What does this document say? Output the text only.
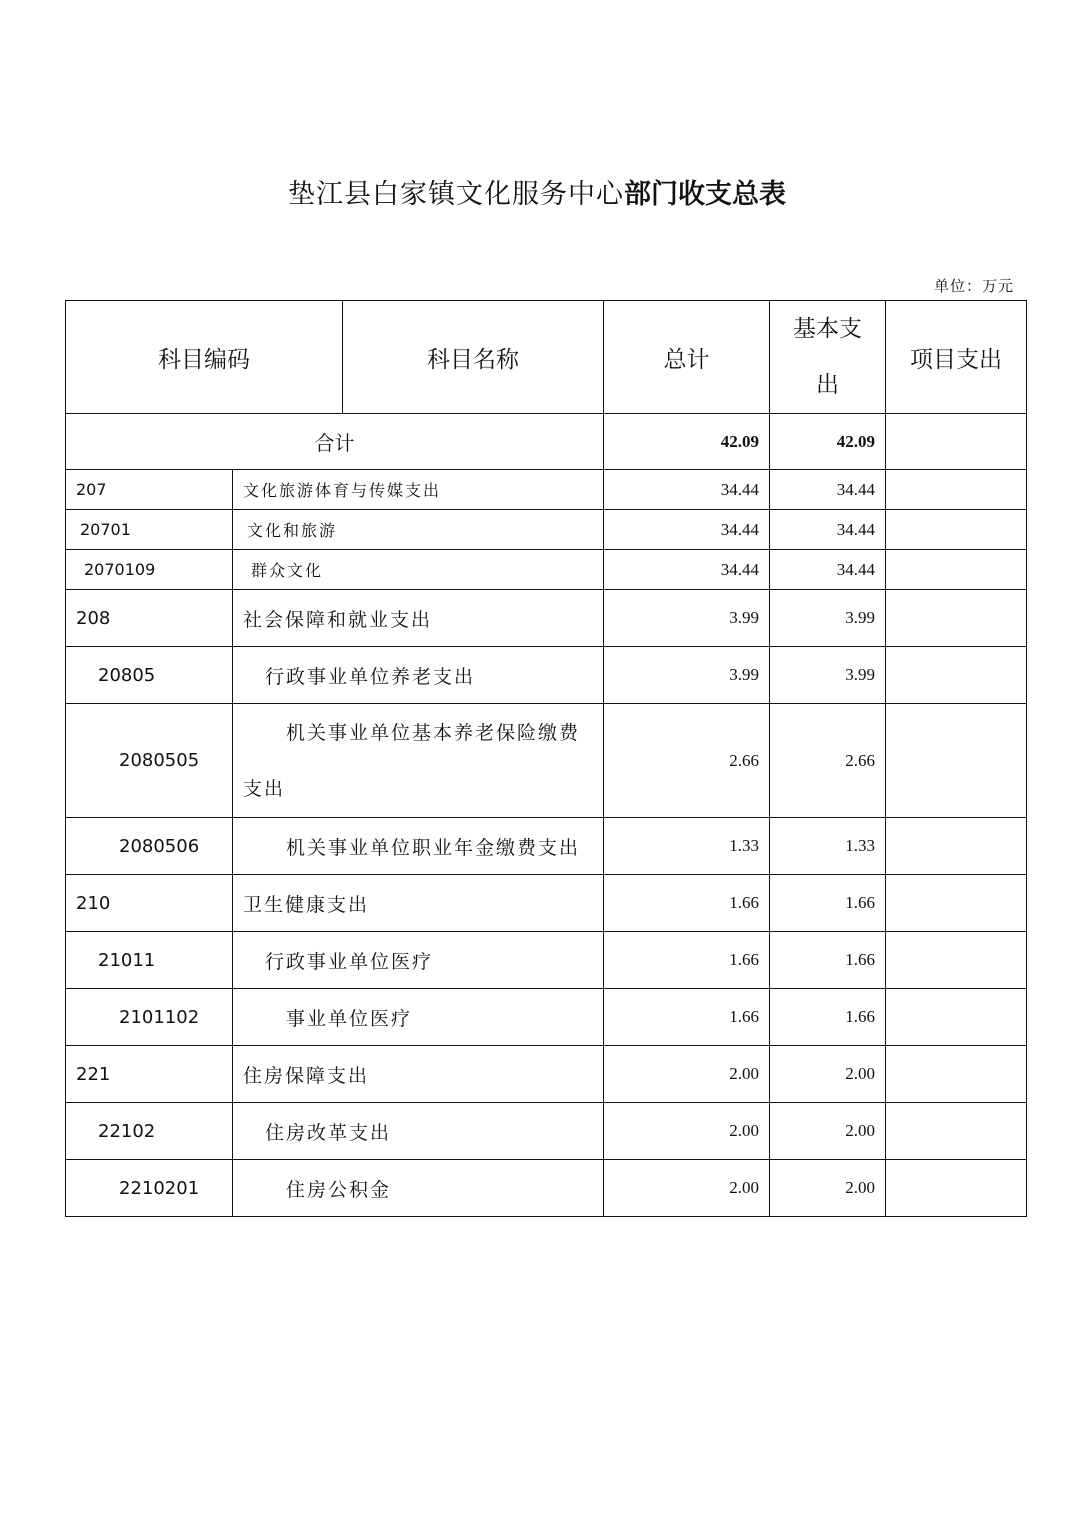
垫江县白家镇文化服务中心部门收支总表
单位：万元
科目编码		科目名称	总计	基本支出	项目支出
合计			42.09	42.09	
207	文化旅游体育与传媒支出		34.44	34.44	
20701	文化和旅游		34.44	34.44	
2070109	群众文化		34.44	34.44	
208	社会保障和就业支出		3.99	3.99	
20805	行政事业单位养老支出		3.99	3.99	
2080505	机关事业单位基本养老保险缴费支出		2.66	2.66	
2080506	机关事业单位职业年金缴费支出		1.33	1.33	
210	卫生健康支出		1.66	1.66	
21011	行政事业单位医疗		1.66	1.66	
2101102	事业单位医疗		1.66	1.66	
221	住房保障支出		2.00	2.00	
22102	住房改革支出		2.00	2.00	
2210201	住房公积金		2.00	2.00	
